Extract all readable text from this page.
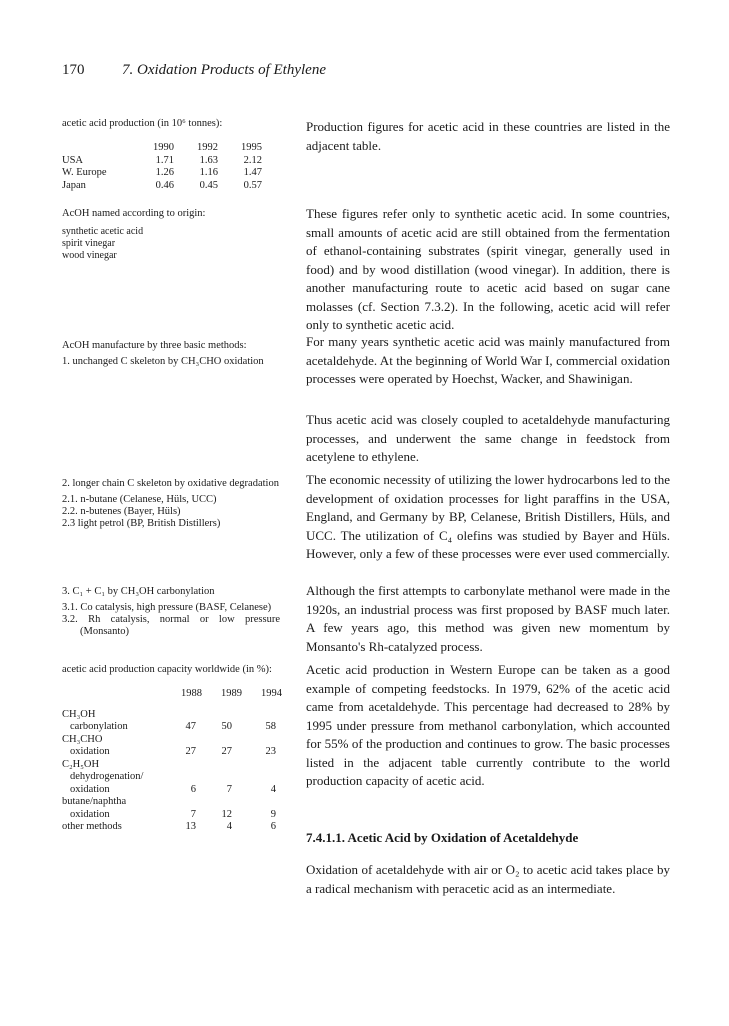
170	7. Oxidation Products of Ethylene
acetic acid production (in 10⁶ tonnes):
	1990	1992	1995
USA	1.71	1.63	2.12
W. Europe	1.26	1.16	1.47
Japan	0.46	0.45	0.57
AcOH named according to origin:
synthetic acetic acid
spirit vinegar
wood vinegar
AcOH manufacture by three basic methods:
1. unchanged C skeleton by CH₃CHO oxidation
2. longer chain C skeleton by oxidative degradation
2.1. n-butane (Celanese, Hüls, UCC)
2.2. n-butenes (Bayer, Hüls)
2.3 light petrol (BP, British Distillers)
3. C₁ + C₁ by CH₃OH carbonylation
3.1. Co catalysis, high pressure (BASF, Celanese)
3.2. Rh catalysis, normal or low pressure (Monsanto)
acetic acid production capacity worldwide (in %):
	1988	1989	1994

CH₃OH			
carbonylation	47	50	58
CH₃CHO			
oxidation	27	27	23
C₂H₅OH			
dehydrogenation/			
oxidation	6	7	4
butane/naphtha			
oxidation	7	12	9
other methods	13	4	6

Production figures for acetic acid in these countries are listed in the adjacent table.

These figures refer only to synthetic acetic acid. In some countries, small amounts of acetic acid are still obtained from the fermentation of ethanol-containing substrates (spirit vinegar, generally used in food) and by wood distillation (wood vinegar). In addition, there is another manufacturing route to acetic acid based on sugar cane molasses (cf. Section 7.3.2). In the following, acetic acid will refer only to synthetic acetic acid.

For many years synthetic acetic acid was mainly manufactured from acetaldehyde. At the beginning of World War I, commercial oxidation processes were operated by Hoechst, Wacker, and Shawinigan.

Thus acetic acid was closely coupled to acetaldehyde manufacturing processes, and underwent the same change in feedstock from acetylene to ethylene.

The economic necessity of utilizing the lower hydrocarbons led to the development of oxidation processes for light paraffins in the USA, England, and Germany by BP, Celanese, British Distillers, Hüls, and UCC. The utilization of C₄ olefins was studied by Bayer and Hüls. However, only a few of these processes were ever used commercially.

Although the first attempts to carbonylate methanol were made in the 1920s, an industrial process was first proposed by BASF much later. A few years ago, this method was given new momentum by Monsanto's Rh-catalyzed process.

Acetic acid production in Western Europe can be taken as a good example of competing feedstocks. In 1979, 62% of the acetic acid came from acetaldehyde. This percentage had decreased to 28% by 1995 under pressure from methanol carbonylation, which accounted for 55% of the production and continues to grow. The basic processes listed in the adjacent table currently contribute to the world production capacity of acetic acid.

7.4.1.1. Acetic Acid by Oxidation of Acetaldehyde

Oxidation of acetaldehyde with air or O₂ to acetic acid takes place by a radical mechanism with peracetic acid as an intermediate.
